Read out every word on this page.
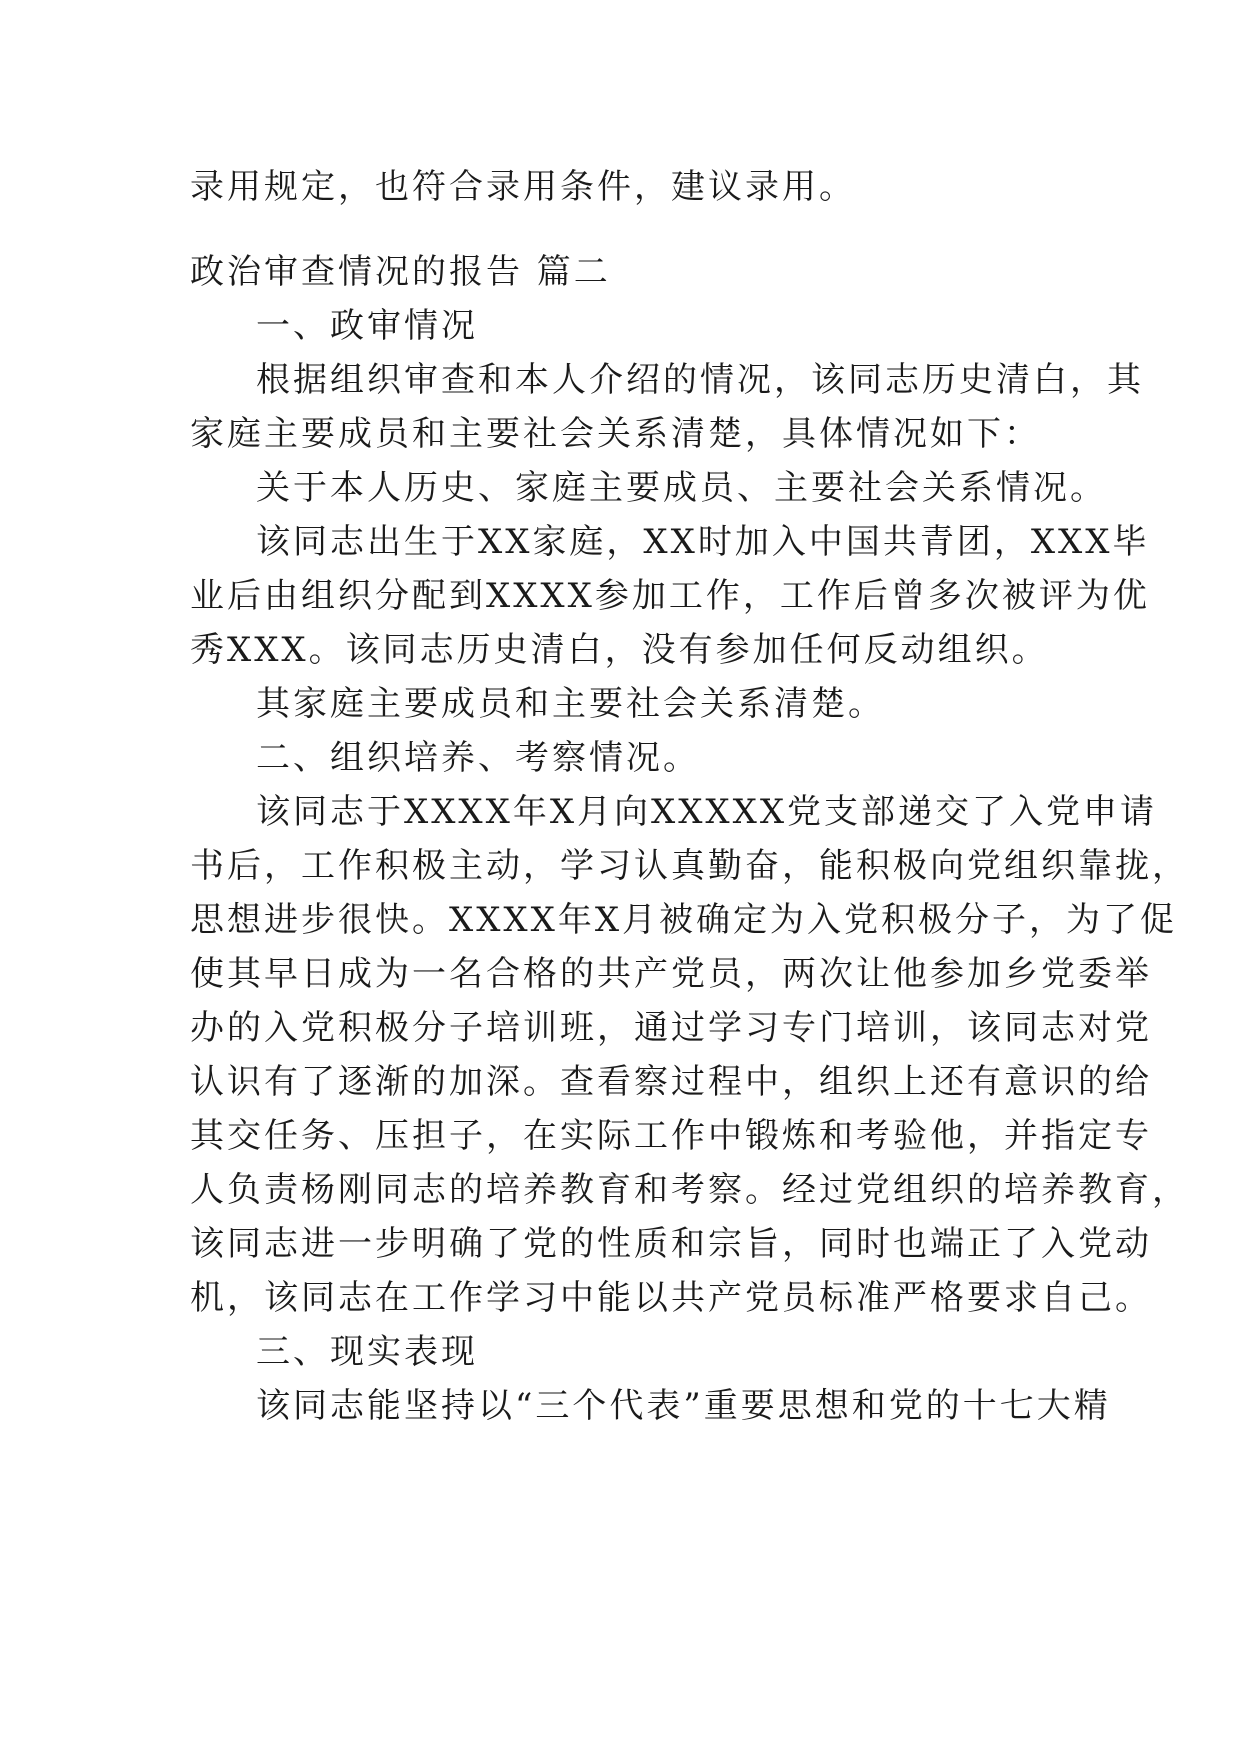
录用规定，也符合录用条件，建议录用。
政治审查情况的报告 篇二
一、政审情况
根据组织审查和本人介绍的情况，该同志历史清白，其
家庭主要成员和主要社会关系清楚，具体情况如下：
关于本人历史、家庭主要成员、主要社会关系情况。
该同志出生于XX家庭，XX时加入中国共青团，XXX毕
业后由组织分配到XXXX参加工作，工作后曾多次被评为优
秀XXX。该同志历史清白，没有参加任何反动组织。
其家庭主要成员和主要社会关系清楚。
二、组织培养、考察情况。
该同志于XXXX年X月向XXXXX党支部递交了入党申请
书后，工作积极主动，学习认真勤奋，能积极向党组织靠拢，
思想进步很快。XXXX年X月被确定为入党积极分子，为了促
使其早日成为一名合格的共产党员，两次让他参加乡党委举
办的入党积极分子培训班，通过学习专门培训，该同志对党
认识有了逐渐的加深。查看察过程中，组织上还有意识的给
其交任务、压担子，在实际工作中锻炼和考验他，并指定专
人负责杨刚同志的培养教育和考察。经过党组织的培养教育，
该同志进一步明确了党的性质和宗旨，同时也端正了入党动
机，该同志在工作学习中能以共产党员标准严格要求自己。
三、现实表现
该同志能坚持以“三个代表”重要思想和党的十七大精
